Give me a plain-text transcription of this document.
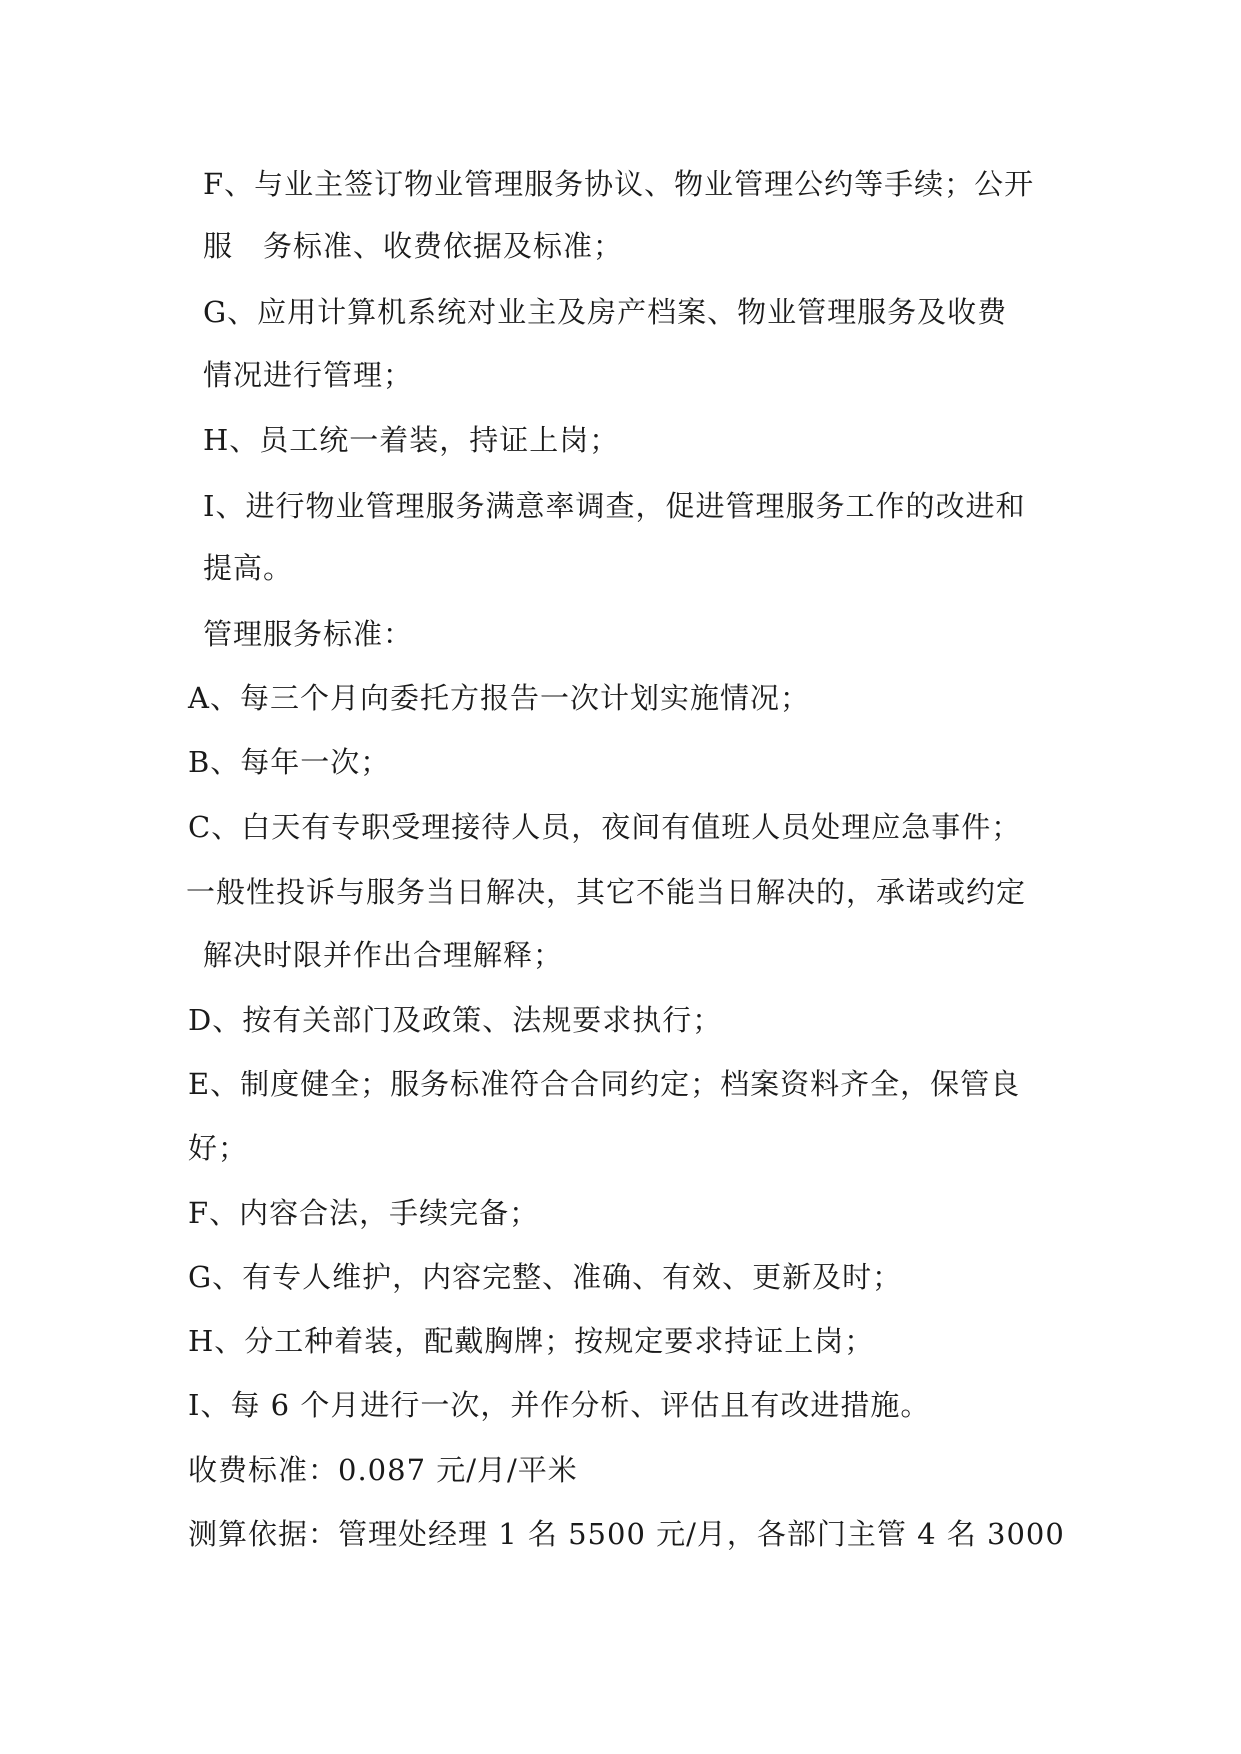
F、与业主签订物业管理服务协议、物业管理公约等手续；公开
服　务标准、收费依据及标准；
G、应用计算机系统对业主及房产档案、物业管理服务及收费
情况进行管理；
H、员工统一着装，持证上岗；
I、进行物业管理服务满意率调查，促进管理服务工作的改进和
提高。
管理服务标准：
A、每三个月向委托方报告一次计划实施情况；
B、每年一次；
C、白天有专职受理接待人员，夜间有值班人员处理应急事件；
一般性投诉与服务当日解决，其它不能当日解决的，承诺或约定
解决时限并作出合理解释；
D、按有关部门及政策、法规要求执行；
E、制度健全；服务标准符合合同约定；档案资料齐全，保管良
好；
F、内容合法，手续完备；
G、有专人维护，内容完整、准确、有效、更新及时；
H、分工种着装，配戴胸牌；按规定要求持证上岗；
I、每 6 个月进行一次，并作分析、评估且有改进措施。
收费标准：0.087 元/月/平米
测算依据：管理处经理 1 名 5500 元/月，各部门主管 4 名 3000
